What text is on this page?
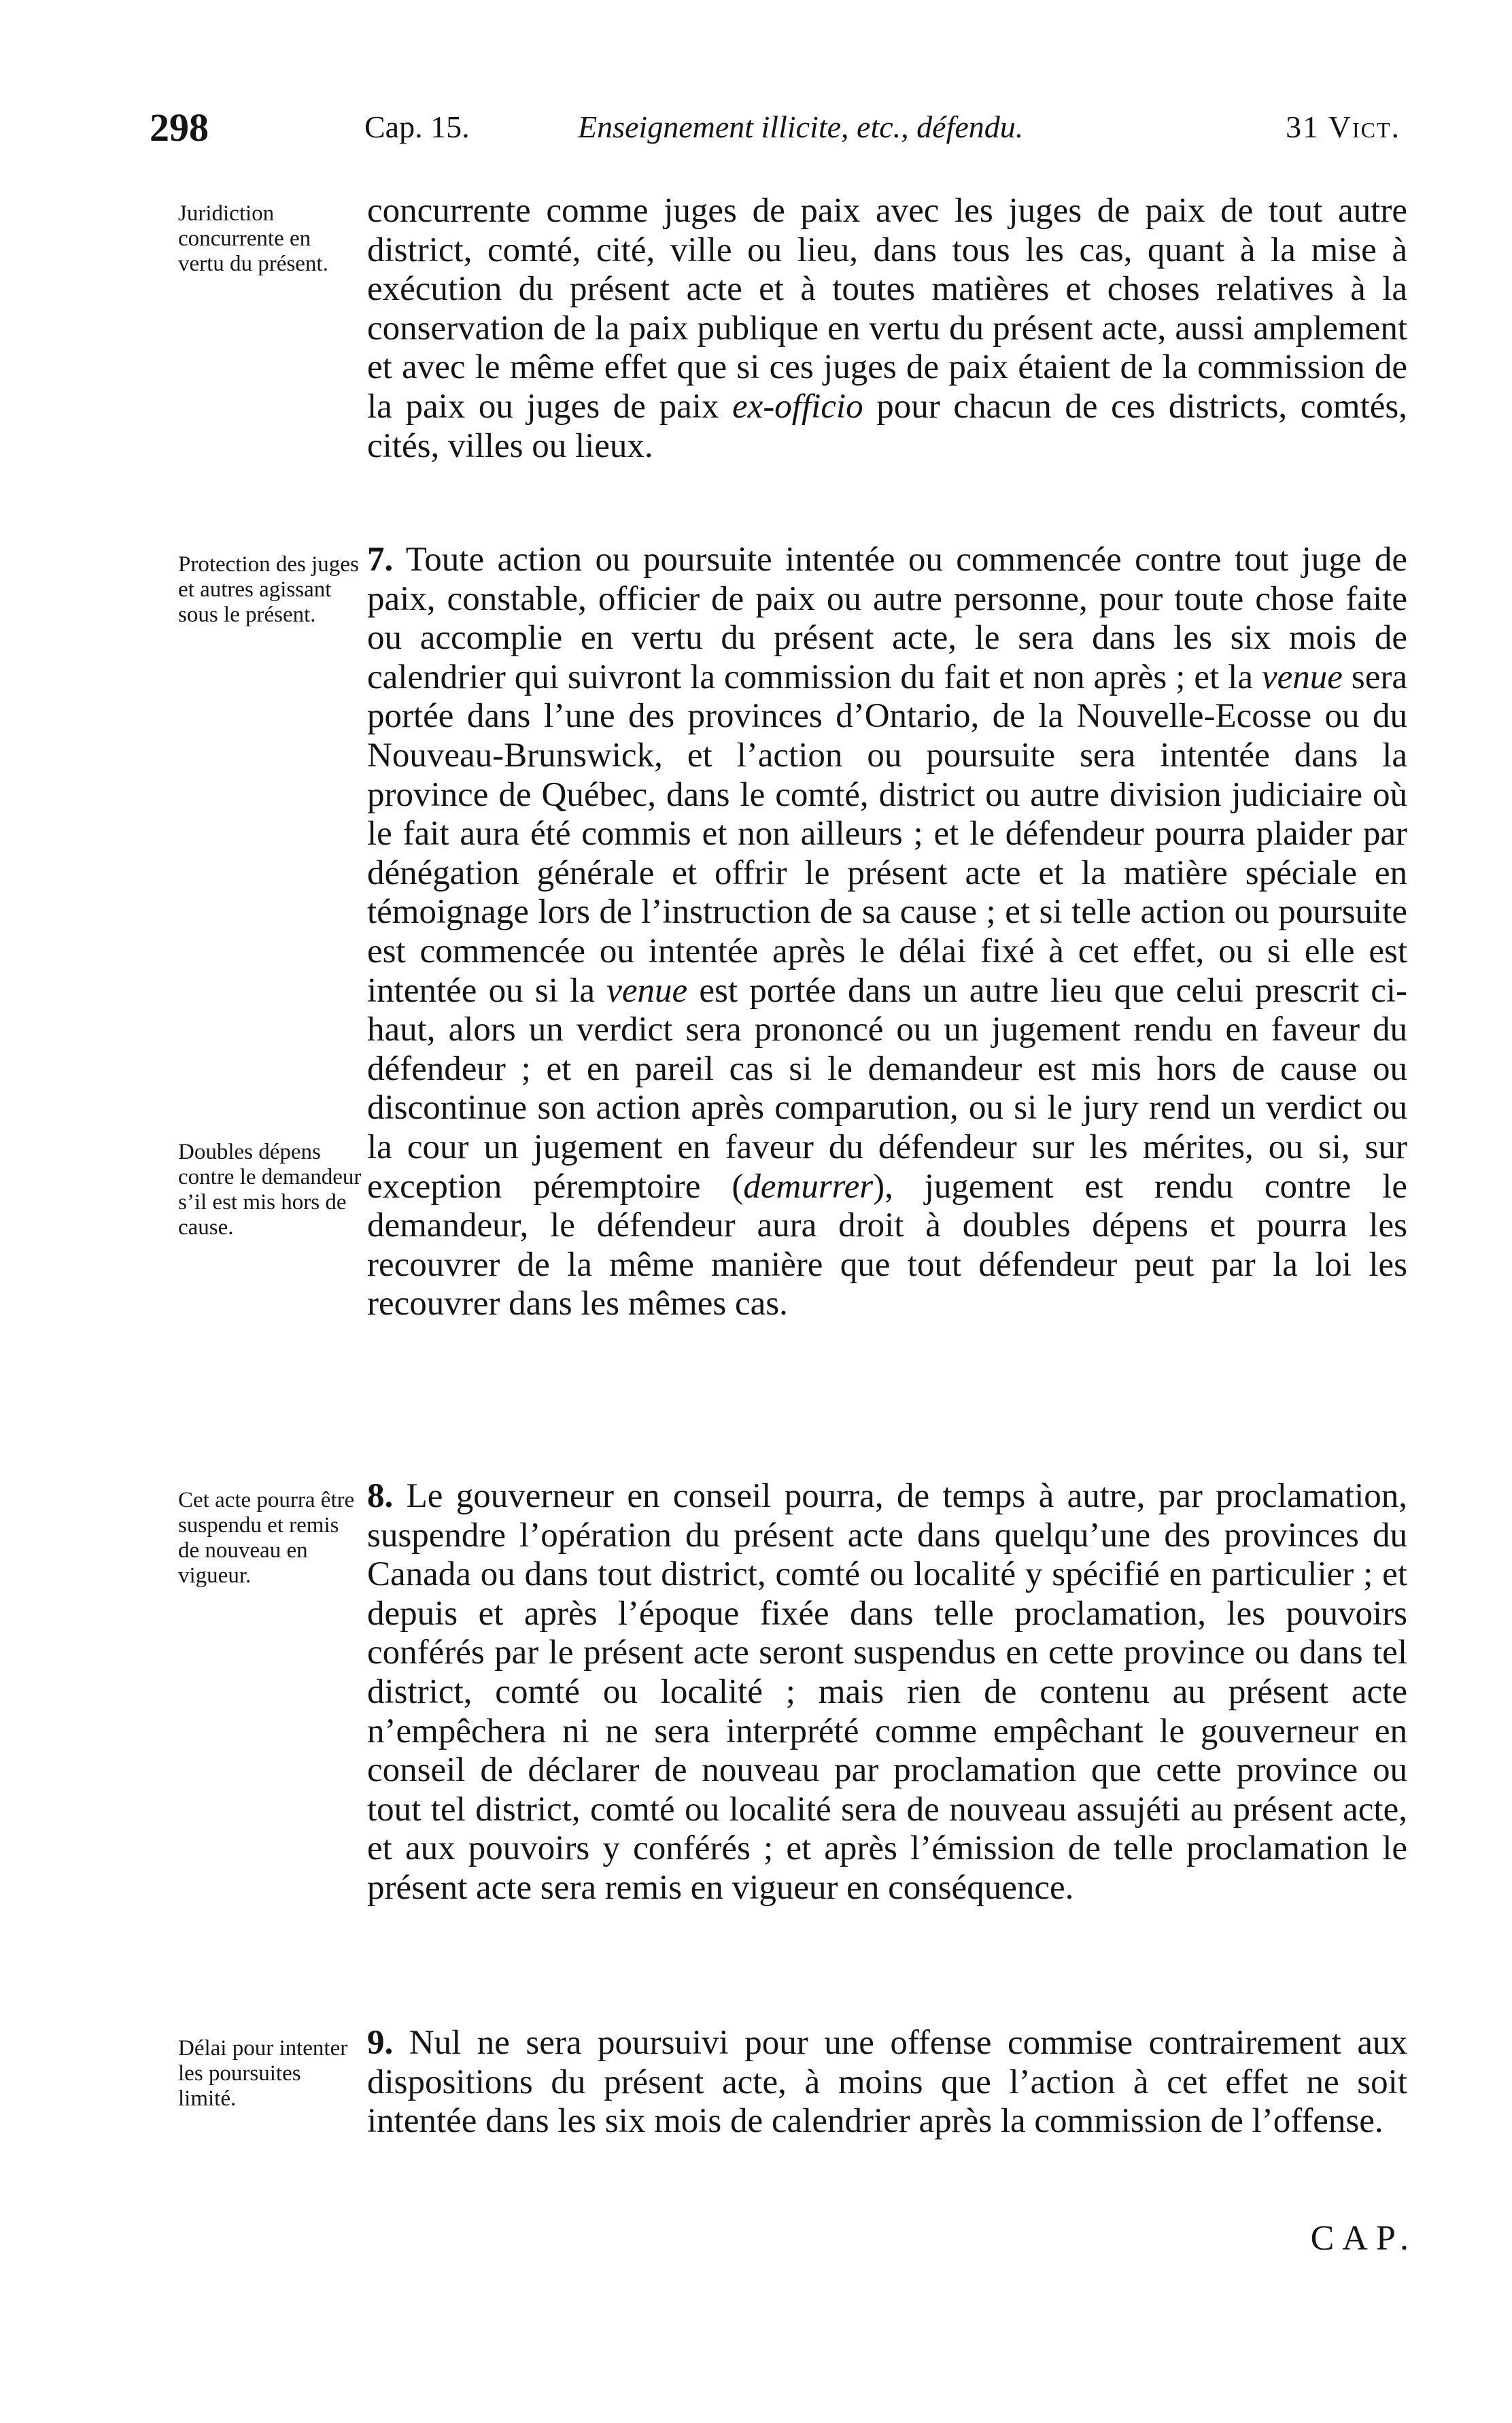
298	Cap. 15.	Enseignement illicite, etc., défendu.	31 Vict.
concurrente comme juges de paix avec les juges de paix de tout autre district, comté, cité, ville ou lieu, dans tous les cas, quant à la mise à exécution du présent acte et à toutes matières et choses relatives à la conservation de la paix publique en vertu du présent acte, aussi amplement et avec le même effet que si ces juges de paix étaient de la commission de la paix ou juges de paix ex-officio pour chacun de ces districts, comtés, cités, villes ou lieux.
Juridiction concurrente en vertu du présent.
7. Toute action ou poursuite intentée ou commencée contre tout juge de paix, constable, officier de paix ou autre personne, pour toute chose faite ou accomplie en vertu du présent acte, le sera dans les six mois de calendrier qui suivront la commission du fait et non après ; et la venue sera portée dans l’une des provinces d’Ontario, de la Nouvelle-Ecosse ou du Nouveau-Brunswick, et l’action ou poursuite sera intentée dans la province de Québec, dans le comté, district ou autre division judiciaire où le fait aura été commis et non ailleurs ; et le défendeur pourra plaider par dénégation générale et offrir le présent acte et la matière spéciale en témoignage lors de l’instruction de sa cause ; et si telle action ou poursuite est commencée ou intentée après le délai fixé à cet effet, ou si elle est intentée ou si la venue est portée dans un autre lieu que celui prescrit ci-haut, alors un verdict sera prononcé ou un jugement rendu en faveur du défendeur ; et en pareil cas si le demandeur est mis hors de cause ou discontinue son action après comparution, ou si le jury rend un verdict ou la cour un jugement en faveur du défendeur sur les mérites, ou si, sur exception péremptoire (demurrer), jugement est rendu contre le demandeur, le défendeur aura droit à doubles dépens et pourra les recouvrer de la même manière que tout défendeur peut par la loi les recouvrer dans les mêmes cas.
Protection des juges et autres agissant sous le présent.
Doubles dépens contre le demandeur s’il est mis hors de cause.
8. Le gouverneur en conseil pourra, de temps à autre, par proclamation, suspendre l’opération du présent acte dans quelqu’une des provinces du Canada ou dans tout district, comté ou localité y spécifié en particulier ; et depuis et après l’époque fixée dans telle proclamation, les pouvoirs conférés par le présent acte seront suspendus en cette province ou dans tel district, comté ou localité ; mais rien de contenu au présent acte n’empêchera ni ne sera interprété comme empêchant le gouverneur en conseil de déclarer de nouveau par proclamation que cette province ou tout tel district, comté ou localité sera de nouveau assujéti au présent acte, et aux pouvoirs y conférés ; et après l’émission de telle proclamation le présent acte sera remis en vigueur en conséquence.
Cet acte pourra être suspendu et remis de nouveau en vigueur.
9. Nul ne sera poursuivi pour une offense commise contrairement aux dispositions du présent acte, à moins que l’action à cet effet ne soit intentée dans les six mois de calendrier après la commission de l’offense.
Délai pour intenter les poursuites limité.
CAP.
